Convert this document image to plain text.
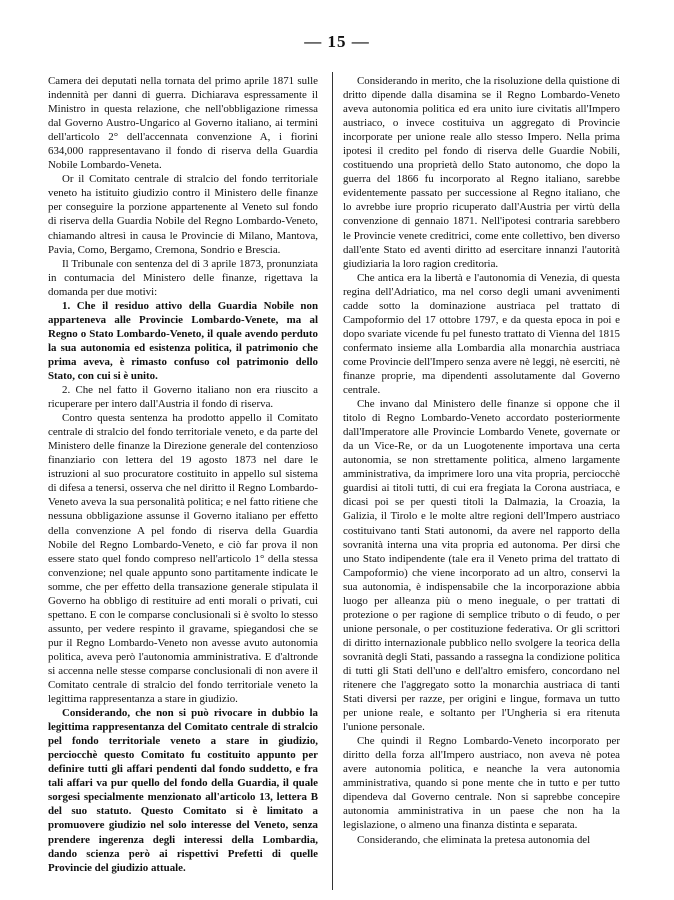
— 15 —

Camera dei deputati nella tornata del primo aprile 1871 sulle indennità per danni di guerra. Dichiarava espressamente il Ministro in questa relazione, che nell'obbligazione rimessa dal Governo Austro-Ungarico al Governo italiano, ai termini dell'articolo 2° dell'accennata convenzione A, i fiorini 634,000 rappresentavano il fondo di riserva della Guardia Nobile Lombardo-Veneta.

Or il Comitato centrale di stralcio del fondo territoriale veneto ha istituito giudizio contro il Ministero delle finanze per conseguire la porzione appartenente al Veneto sul fondo di riserva della Guardia Nobile del Regno Lombardo-Veneto, chiamando altresì in causa le Provincie di Milano, Mantova, Pavia, Como, Bergamo, Cremona, Sondrio e Brescia.

Il Tribunale con sentenza del di 3 aprile 1873, pronunziata in contumacia del Ministero delle finanze, rigettava la domanda per due motivi:

1. Che il residuo attivo della Guardia Nobile non apparteneva alle Provincie Lombardo-Venete, ma al Regno o Stato Lombardo-Veneto, il quale avendo perduto la sua autonomia ed esistenza politica, il patrimonio che prima aveva, è rimasto confuso col patrimonio dello Stato, con cui si è unito.

2. Che nel fatto il Governo italiano non era riuscito a ricuperare per intero dall'Austria il fondo di riserva.

Contro questa sentenza ha prodotto appello il Comitato centrale di stralcio del fondo territoriale veneto, e da parte del Ministero delle finanze la Direzione generale del contenzioso finanziario con lettera del 19 agosto 1873 nel dare le istruzioni al suo procuratore costituito in appello sul sistema di difesa a tenersi, osserva che nel diritto il Regno Lombardo-Veneto aveva la sua personalità politica; e nel fatto ritiene che nessuna obbligazione assunse il Governo italiano per effetto della convenzione A pel fondo di riserva della Guardia Nobile del Regno Lombardo-Veneto, e ciò far prova il non essere stato quel fondo compreso nell'articolo 1° della stessa convenzione; nel quale appunto sono partitamente indicate le somme, che per effetto della transazione generale stipulata il Governo ha obbligo di restituire ad enti morali o privati, cui spettano. E con le comparse conclusionali si è svolto lo stesso assunto, per vedere respinto il gravame, spiegandosi che se pur il Regno Lombardo-Veneto non avesse avuto autonomia politica, aveva però l'autonomia amministrativa. E d'altronde si accenna nelle stesse comparse conclusionali di non avere il Comitato centrale di stralcio del fondo territoriale veneto la legittima rappresentanza a stare in giudizio.

Considerando, che non si può rivocare in dubbio la legittima rappresentanza del Comitato centrale di stralcio pel fondo territoriale veneto a stare in giudizio, perciocchè questo Comitato fu costituito appunto per definire tutti gli affari pendenti dal fondo suddetto, e fra tali affari va pur quello del fondo della Guardia, il quale sorgesi specialmente menzionato all'articolo 13, lettera B del suo statuto. Questo Comitato si è limitato a promuovere giudizio nel solo interesse del Veneto, senza prendere ingerenza degli interessi della Lombardia, dando scienza però ai rispettivi Prefetti di quelle Provincie del giudizio attuale.

Considerando in merito, che la risoluzione della quistione di dritto dipende dalla disamina se il Regno Lombardo-Veneto aveva autonomia politica ed era unito iure civitatis all'Impero austriaco, o invece costituiva un aggregato di Provincie incorporate per unione reale allo stesso Impero. Nella prima ipotesi il credito pel fondo di riserva delle Guardie Nobili, costituendo una proprietà dello Stato autonomo, che dopo la guerra del 1866 fu incorporato al Regno italiano, sarebbe evidentemente passato per successione al Regno italiano, che lo avrebbe iure proprio ricuperato dall'Austria per virtù della convenzione di gennaio 1871. Nell'ipotesi contraria sarebbero le Provincie venete creditrici, come ente collettivo, ben diverso dall'ente Stato ed aventi diritto ad esercitare innanzi l'autorità giudiziaria la loro ragion creditoria.

Che antica era la libertà e l'autonomia di Venezia, di questa regina dell'Adriatico, ma nel corso degli umani avvenimenti cadde sotto la dominazione austriaca pel trattato di Campoformio del 17 ottobre 1797, e da questa epoca in poi e dopo svariate vicende fu pel funesto trattato di Vienna del 1815 confermato insieme alla Lombardia alla monarchia austriaca come Provincie dell'Impero senza avere nè leggi, nè eserciti, nè finanze proprie, ma dipendenti assolutamente dal Governo centrale.

Che invano dal Ministero delle finanze si oppone che il titolo di Regno Lombardo-Veneto accordato posteriormente dall'Imperatore alle Provincie Lombardo Venete, governate or da un Vice-Re, or da un Luogotenente importava una certa autonomia, se non strettamente politica, almeno largamente amministrativa, da imprimere loro una vita propria, perciocchè guardisi ai titoli tutti, di cui era fregiata la Corona austriaca, e dicasi poi se per questi titoli la Dalmazia, la Croazia, la Galizia, il Tirolo e le molte altre regioni dell'Impero austriaco costituivano tanti Stati autonomi, da avere nel rapporto della sovranità interna una vita propria ed autonoma. Per dirsi che uno Stato indipendente (tale era il Veneto prima del trattato di Campoformio) che viene incorporato ad un altro, conservi la sua autonomia, è indispensabile che la incorporazione abbia luogo per alleanza più o meno ineguale, o per trattati di protezione o per ragione di semplice tributo o di feudo, o per unione personale, o per costituzione federativa. Or gli scrittori di diritto internazionale pubblico nello svolgere la teorica della sovranità degli Stati, passando a rassegna la condizione politica di tutti gli Stati dell'uno e dell'altro emisfero, concordano nel ritenere che l'aggregato sotto la monarchia austriaca di tanti Stati diversi per razze, per origini e lingue, formava un tutto per unione reale, e soltanto per l'Ungheria si era ritenuta l'unione personale.

Che quindi il Regno Lombardo-Veneto incorporato per diritto della forza all'Impero austriaco, non aveva nè potea avere autonomia politica, e neanche la vera autonomia amministrativa, quando si pone mente che in tutto e per tutto dipendeva dal Governo centrale. Non si saprebbe concepire autonomia amministrativa in un paese che non ha la legislazione, o almeno una finanza distinta e separata.

Considerando, che eliminata la pretesa autonomia del
